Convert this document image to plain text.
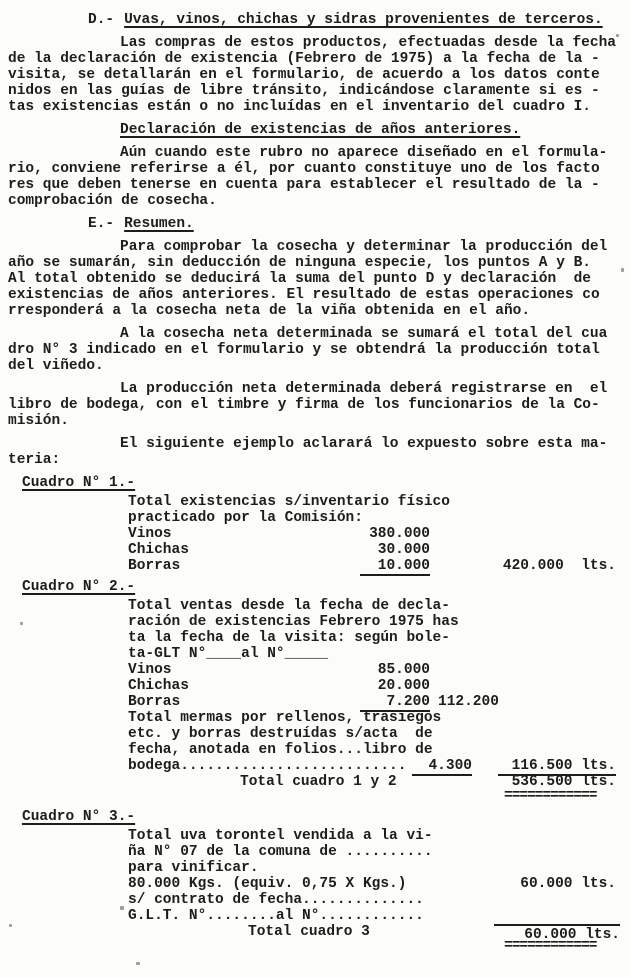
D.- Uvas, vinos, chichas y sidras provenientes de terceros.
Las compras de estos productos, efectuadas desde la fecha
de la declaración de existencia (Febrero de 1975) a la fecha de la -
visita, se detallarán en el formulario, de acuerdo a los datos conte
nidos en las guías de libre tránsito, indicándose claramente si es -
tas existencias están o no incluídas en el inventario del cuadro I.
Declaración de existencias de años anteriores.
Aún cuando este rubro no aparece diseñado en el formula-
rio, conviene referirse a él, por cuanto constituye uno de los facto
res que deben tenerse en cuenta para establecer el resultado de la -
comprobación de cosecha.
E.- Resumen.
Para comprobar la cosecha y determinar la producción del
año se sumarán, sin deducción de ninguna especie, los puntos A y B.
Al total obtenido se deducirá la suma del punto D y declaración  de
existencias de años anteriores. El resultado de estas operaciones co
rresponderá a la cosecha neta de la viña obtenida en el año.
A la cosecha neta determinada se sumará el total del cua
dro N° 3 indicado en el formulario y se obtendrá la producción total
del viñedo.
La producción neta determinada deberá registrarse en  el
libro de bodega, con el timbre y firma de los funcionarios de la Co-
misión.
El siguiente ejemplo aclarará lo expuesto sobre esta ma-
teria:
Cuadro N° 1.-
Total existencias s/inventario físico
practicado por la Comisión:
Vinos	380.000
Chichas	30.000
Borras	10.000	420.000  lts.
Cuadro N° 2.-
Total ventas desde la fecha de decla-
ración de existencias Febrero 1975 has
ta la fecha de la visita: según bole-
ta-GLT N°____al N°_____
Vinos	85.000
Chichas	20.000
Borras	7.200 112.200
Total mermas por rellenos, trasiegos
etc. y borras destruídas s/acta  de
fecha, anotada en folios...libro de
bodega..........................	4.300	116.500 lts.
Total cuadro 1 y 2	536.500 lts.
============
Cuadro N° 3.-
Total uva torontel vendida a la vi-
ña N° 07 de la comuna de ..........
para vinificar.
80.000 Kgs. (equiv. 0,75 X Kgs.)	60.000 lts.
s/ contrato de fecha..............
G.L.T. N°........al N°............
Total cuadro 3	60.000 lts.
============
